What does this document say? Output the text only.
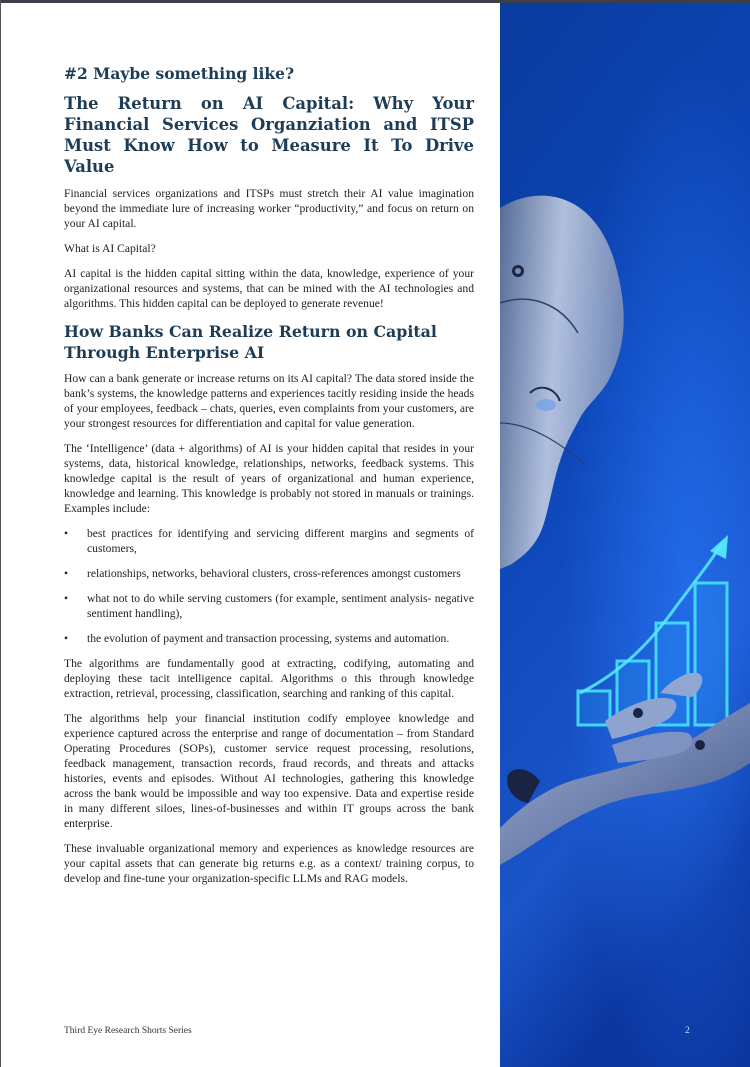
#2 Maybe something like?
The Return on AI Capital: Why Your Financial Services Organziation and ITSP Must Know How to Measure It To Drive Value

Financial services organizations and ITSPs must stretch their AI value imagination beyond the immediate lure of increasing worker “productivity,” and focus on return on your AI capital.

What is AI Capital?

AI capital is the hidden capital sitting within the data, knowledge, experience of your organizational resources and systems, that can be mined with the AI technologies and algorithms. This hidden capital can be deployed to generate revenue!

How Banks Can Realize Return on Capital Through Enterprise AI

How can a bank generate or increase returns on its AI capital? The data stored inside the bank’s systems, the knowledge patterns and experiences tacitly residing inside the heads of your employees, feedback – chats, queries, even complaints from your customers, are your strongest resources for differentiation and capital for value generation.

The ‘Intelligence’ (data + algorithms) of AI is your hidden capital that resides in your systems, data, historical knowledge, relationships, networks, feedback systems. This knowledge capital is the result of years of organizational and human experience, knowledge and learning. This knowledge is probably not stored in manuals or trainings. Examples include:

• best practices for identifying and servicing different margins and segments of customers,
• relationships, networks, behavioral clusters, cross-references amongst customers
• what not to do while serving customers (for example, sentiment analysis- negative sentiment handling),
• the evolution of payment and transaction processing, systems and automation.

The algorithms are fundamentally good at extracting, codifying, automating and deploying these tacit intelligence capital. Algorithms o this through knowledge extraction, retrieval, processing, classification, searching and ranking of this capital.

The algorithms help your financial institution codify employee knowledge and experience captured across the enterprise and range of documentation – from Standard Operating Procedures (SOPs), customer service request processing, resolutions, feedback management, transaction records, fraud records, and threats and attacks histories, events and episodes. Without AI technologies, gathering this knowledge across the bank would be impossible and way too expensive. Data and expertise reside in many different siloes, lines-of-businesses and within IT groups across the bank enterprise.

These invaluable organizational memory and experiences as knowledge resources are your capital assets that can generate big returns e.g. as a context/ training corpus, to develop and fine-tune your organization-specific LLMs and RAG models.

Third Eye Research Shorts Series	2
